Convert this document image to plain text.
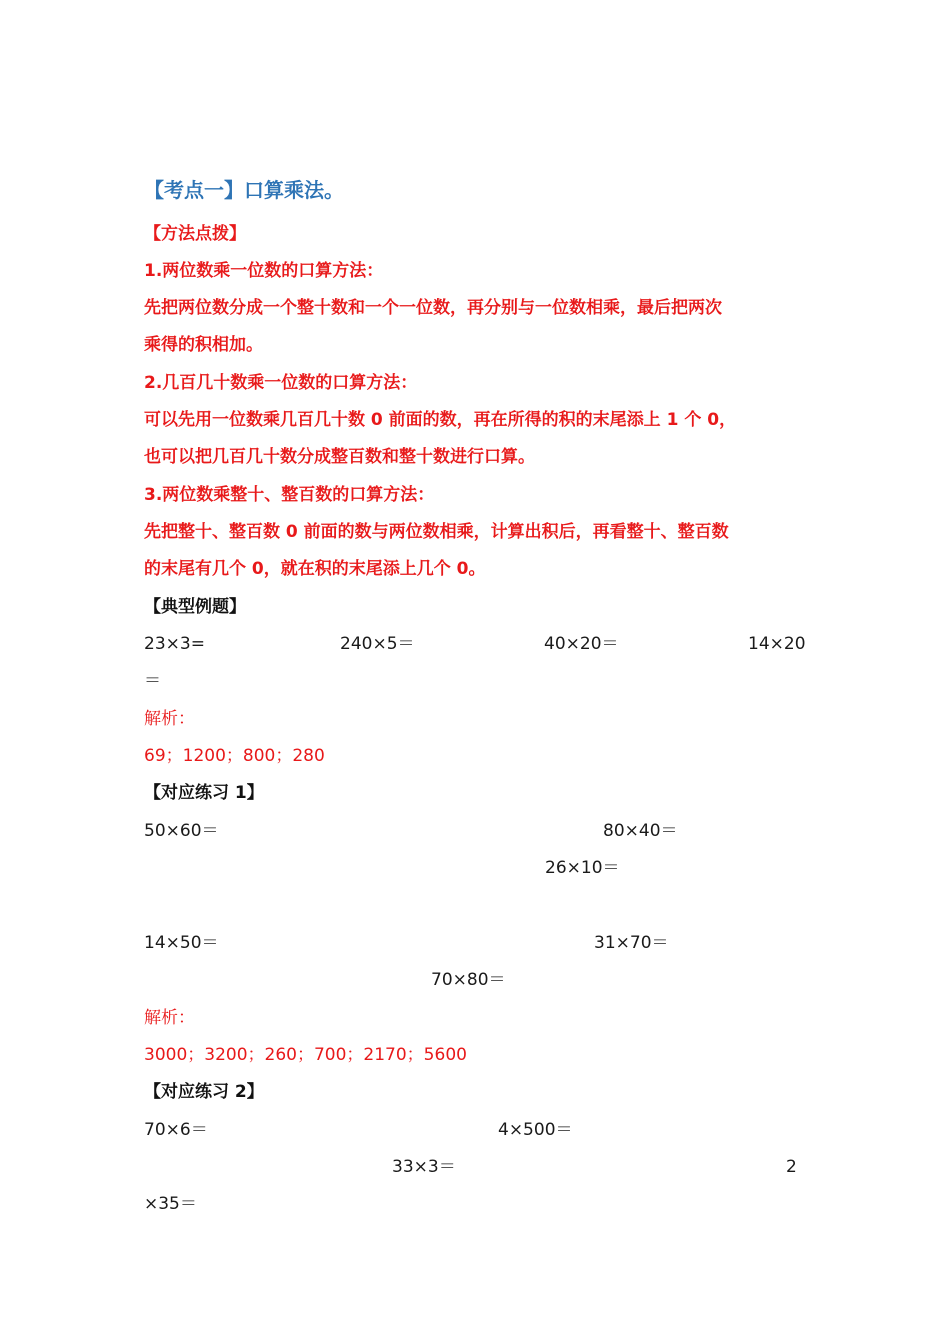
【考点一】口算乘法。
【方法点拨】
1.两位数乘一位数的口算方法：
先把两位数分成一个整十数和一个一位数，再分别与一位数相乘，最后把两次
乘得的积相加。
2.几百几十数乘一位数的口算方法：
可以先用一位数乘几百几十数 0 前面的数，再在所得的积的末尾添上 1 个 0，
也可以把几百几十数分成整百数和整十数进行口算。
3.两位数乘整十、整百数的口算方法：
先把整十、整百数 0 前面的数与两位数相乘，计算出积后，再看整十、整百数
的末尾有几个 0，就在积的末尾添上几个 0。
【典型例题】
23×3=	240×5＝	40×20＝	14×20
＝
解析：
69；1200；800；280
【对应练习 1】
50×60＝	80×40＝
26×10＝
14×50＝	31×70＝
70×80＝
解析：
3000；3200；260；700；2170；5600
【对应练习 2】
70×6＝	4×500＝
33×3＝	2
×35＝
